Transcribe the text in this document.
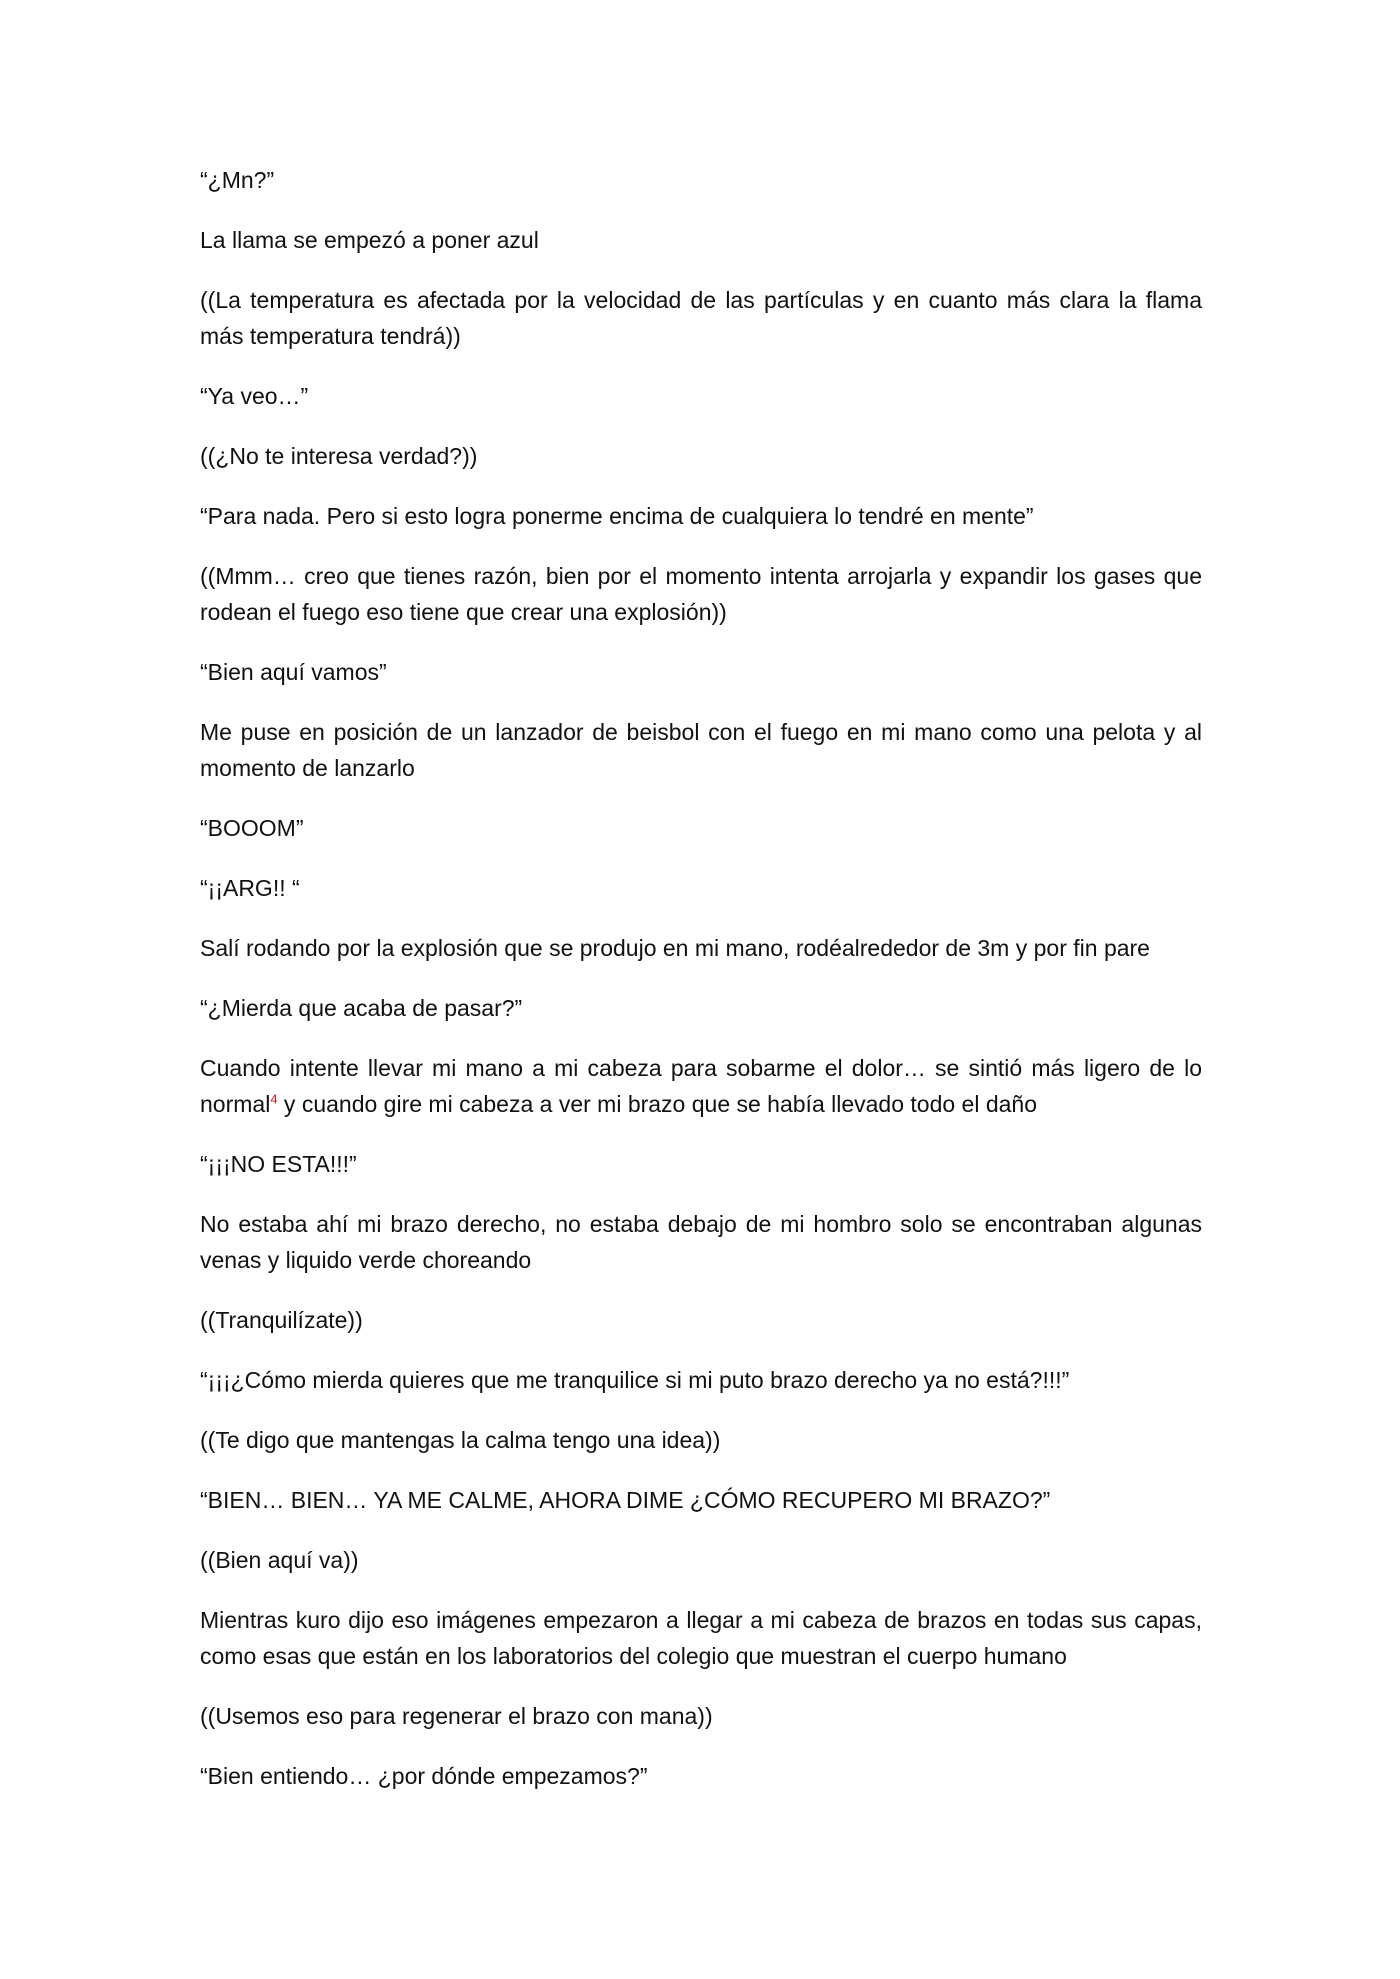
“¿Mn?”

La llama se empezó a poner azul

((La temperatura es afectada por la velocidad de las partículas y en cuanto más clara la flama más temperatura tendrá))

“Ya veo…”

((¿No te interesa verdad?))

“Para nada. Pero si esto logra ponerme encima de cualquiera lo tendré en mente”

((Mmm… creo que tienes razón, bien por el momento intenta arrojarla y expandir los gases que rodean el fuego eso tiene que crear una explosión))

“Bien aquí vamos”

Me puse en posición de un lanzador de beisbol con el fuego en mi mano como una pelota y al momento de lanzarlo

“BOOOM”

“¡¡ARG!! “

Salí rodando por la explosión que se produjo en mi mano, rodéalrededor de 3m y por fin pare

“¿Mierda que acaba de pasar?”

Cuando intente llevar mi mano a mi cabeza para sobarme el dolor… se sintió más ligero de lo normal$^4$ y cuando gire mi cabeza a ver mi brazo que se había llevado todo el daño

“¡¡¡NO ESTA!!!”

No estaba ahí mi brazo derecho, no estaba debajo de mi hombro solo se encontraban algunas venas y liquido verde choreando

((Tranquilízate))

“¡¡¡¿Cómo mierda quieres que me tranquilice si mi puto brazo derecho ya no está?!!!”

((Te digo que mantengas la calma tengo una idea))

“BIEN… BIEN… YA ME CALME, AHORA DIME ¿CÓMO RECUPERO MI BRAZO?”

((Bien aquí va))

Mientras kuro dijo eso imágenes empezaron a llegar a mi cabeza de brazos en todas sus capas, como esas que están en los laboratorios del colegio que muestran el cuerpo humano

((Usemos eso para regenerar el brazo con mana))

“Bien entiendo… ¿por dónde empezamos?”
